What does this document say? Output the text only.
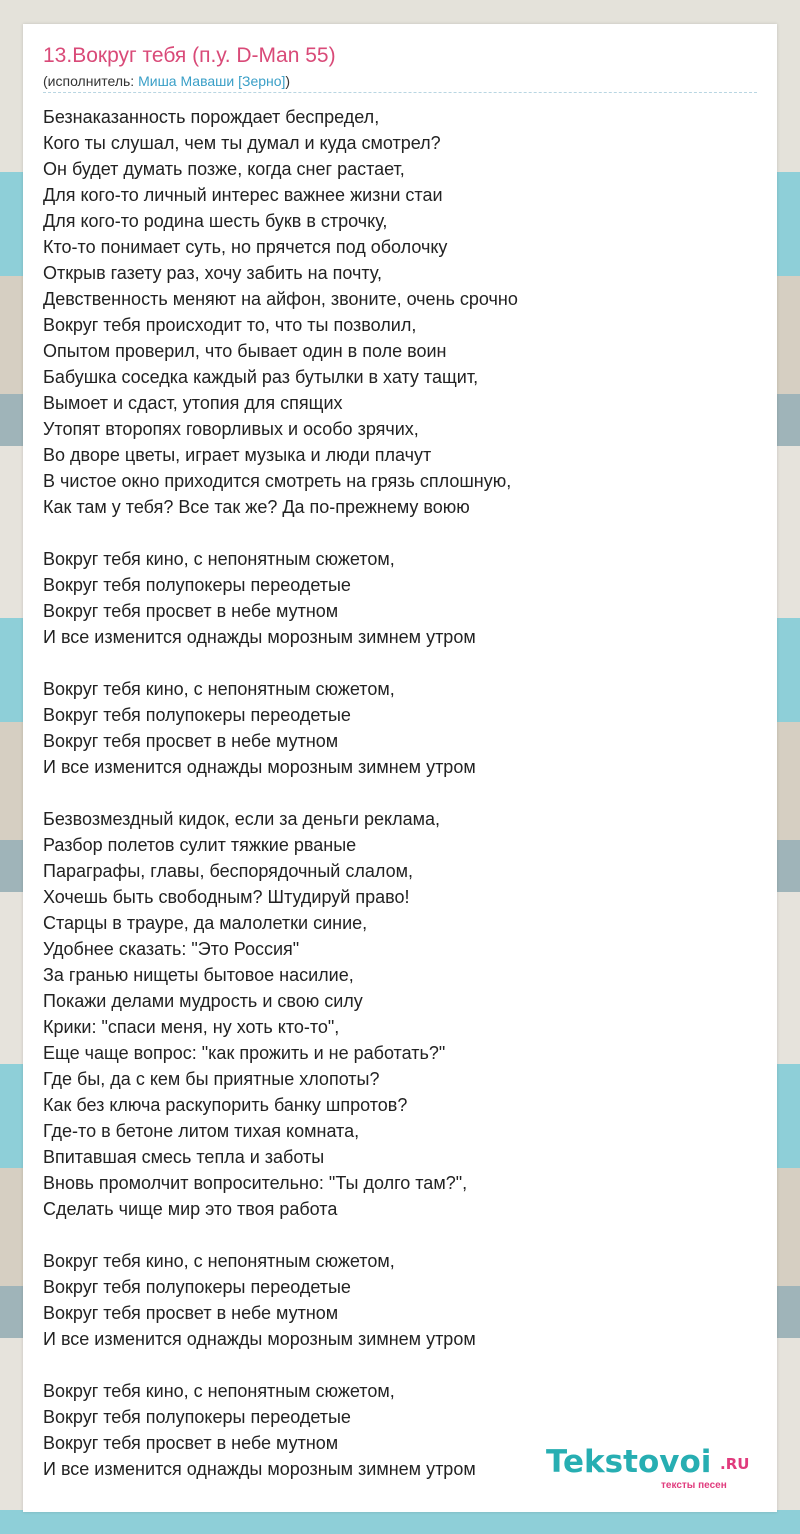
13.Вокруг тебя (п.у. D-Man 55)
(исполнитель: Миша Маваши [Зерно])
Безнаказанность порождает беспредел,
Кого ты слушал, чем ты думал и куда смотрел?
Он будет думать позже, когда снег растает,
Для кого-то личный интерес важнее жизни стаи
Для кого-то родина шесть букв в строчку,
Кто-то понимает суть, но прячется под оболочку
Открыв газету раз, хочу забить на почту,
Девственность меняют на айфон, звоните, очень срочно
Вокруг тебя происходит то, что ты позволил,
Опытом проверил, что бывает один в поле воин
Бабушка соседка каждый раз бутылки в хату тащит,
Вымоет и сдаст, утопия для спящих
Утопят второпях говорливых и особо зрячих,
Во дворе цветы, играет музыка и люди плачут
В чистое окно приходится смотреть на грязь сплошную,
Как там у тебя? Все так же? Да по-прежнему воюю
Вокруг тебя кино, с непонятным сюжетом,
Вокруг тебя полупокеры переодетые
Вокруг тебя просвет в небе мутном
И все изменится однажды морозным зимнем утром
Вокруг тебя кино, с непонятным сюжетом,
Вокруг тебя полупокеры переодетые
Вокруг тебя просвет в небе мутном
И все изменится однажды морозным зимнем утром
Безвозмездный кидок, если за деньги реклама,
Разбор полетов сулит тяжкие рваные
Параграфы, главы, беспорядочный слалом,
Хочешь быть свободным? Штудируй право!
Старцы в трауре, да малолетки синие,
Удобнее сказать: "Это Россия"
За гранью нищеты бытовое насилие,
Покажи делами мудрость и свою силу
Крики: "спаси меня, ну хоть кто-то",
Еще чаще вопрос: "как прожить и не работать?"
Где бы, да с кем бы приятные хлопоты?
Как без ключа раскупорить банку шпротов?
Где-то в бетоне литом тихая комната,
Впитавшая смесь тепла и заботы
Вновь промолчит вопросительно: "Ты долго там?",
Сделать чище мир это твоя работа
Вокруг тебя кино, с непонятным сюжетом,
Вокруг тебя полупокеры переодетые
Вокруг тебя просвет в небе мутном
И все изменится однажды морозным зимнем утром
Вокруг тебя кино, с непонятным сюжетом,
Вокруг тебя полупокеры переодетые
Вокруг тебя просвет в небе мутном
И все изменится однажды морозным зимнем утром	Tekstovoi .RU
тексты песен
